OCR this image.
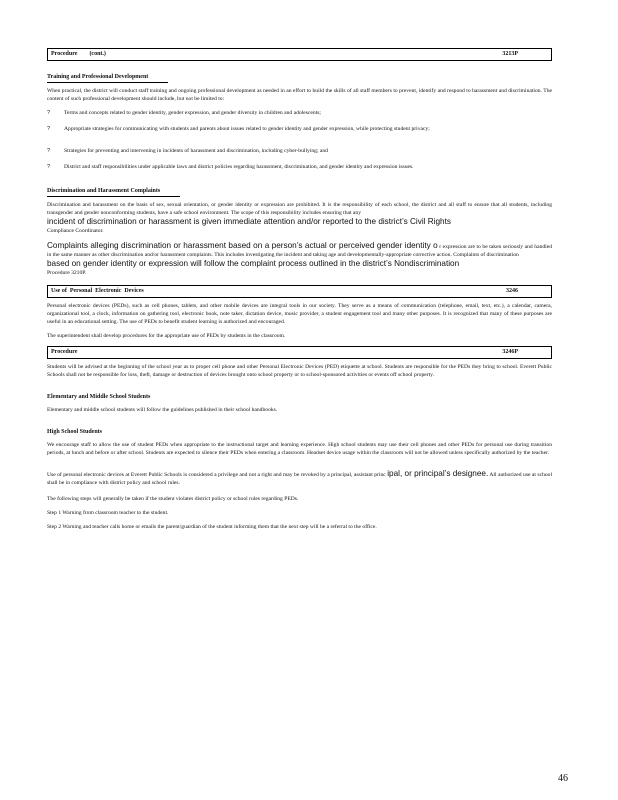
Procedure        (cont.)	3213P
Training and Professional Development

When practical, the district will conduct staff training and ongoing professional development as needed in an effort to build the skills of all staff members to prevent, identify and respond to harassment and discrimination. The content of such professional development should include, but not be limited to:

? Terms and concepts related to gender identity, gender expression, and gender diversity in children and adolescents;
? Appropriate strategies for communicating with students and parents about issues related to gender identity and gender expression, while protecting student privacy;
? Strategies for preventing and intervening in incidents of harassment and discrimination, including cyber-bullying; and
? District and staff responsibilities under applicable laws and district policies regarding harassment, discrimination, and gender identity and expression issues.
Discrimination and Harassment Complaints

Discrimination and harassment on the basis of sex, sexual orientation, or gender identity or expression are prohibited. It is the responsibility of each school, the district and all staff to ensure that all students, including transgender and gender nonconforming students, have a safe school environment. The scope of this responsibility includes ensuring that any
incident of discrimination or harassment is given immediate attention and/or reported to the district’s Civil Rights
Compliance Coordinator.

Complaints alleging discrimination or harassment based on a person’s actual or perceived gender identity o r expression are to be taken seriously and handled in the same manner as other discrimination and/or harassment complaints. This includes investigating the incident and taking age and developmentally-appropriate corrective action. Complaints of discrimination
based on gender identity or expression will follow the complaint process outlined in the district’s Nondiscrimination
Procedure 3210P.

Use of  Personal  Electronic  Devices	3246

Personal electronic devices (PEDs), such as cell phones, tablets, and other mobile devices are integral tools in our society. They serve as a means of communication (telephone, email, text, etc.), a calendar, camera, organizational tool, a clock, information on gathering tool, electronic book, note taker, dictation device, music provider, a student engagement tool and many other purposes. It is recognized that many of these purposes are useful in an educational setting. The use of PEDs to benefit student learning is authorized and encouraged.

The superintendent shall develop procedures for the appropriate use of PEDs by students in the classroom.

Procedure	3246P

Students will be advised at the beginning of the school year as to proper cell phone and other Personal Electronic Devices (PED) etiquette at school. Students are responsible for the PEDs they bring to school. Everett Public Schools shall not be responsible for loss, theft, damage or destruction of devices brought onto school property or to school-sponsored activities or events off school property.

Elementary and Middle School Students

Elementary and middle school students will follow the guidelines published in their school handbooks.

High School Students

We encourage staff to allow the use of student PEDs when appropriate to the instructional target and learning experience. High school students may use their cell phones and other PEDs for personal use during transition periods, at lunch and before or after school. Students are expected to silence their PEDs when entering a classroom. Headset device usage within the classroom will not be allowed unless specifically authorized by the teacher.

Use of personal electronic devices at Everett Public Schools is considered a privilege and not a right and may be revoked by a principal, assistant princ ipal, or principal’s designee. All authorized use at school shall be in compliance with district policy and school rules.

The following steps will generally be taken if the student violates district policy or school rules regarding PEDs.

Step 1 Warning from classroom teacher to the student.

Step 2 Warning and teacher calls home or emails the parent/guardian of the student informing them that the next step will be a referral to the office.

46
